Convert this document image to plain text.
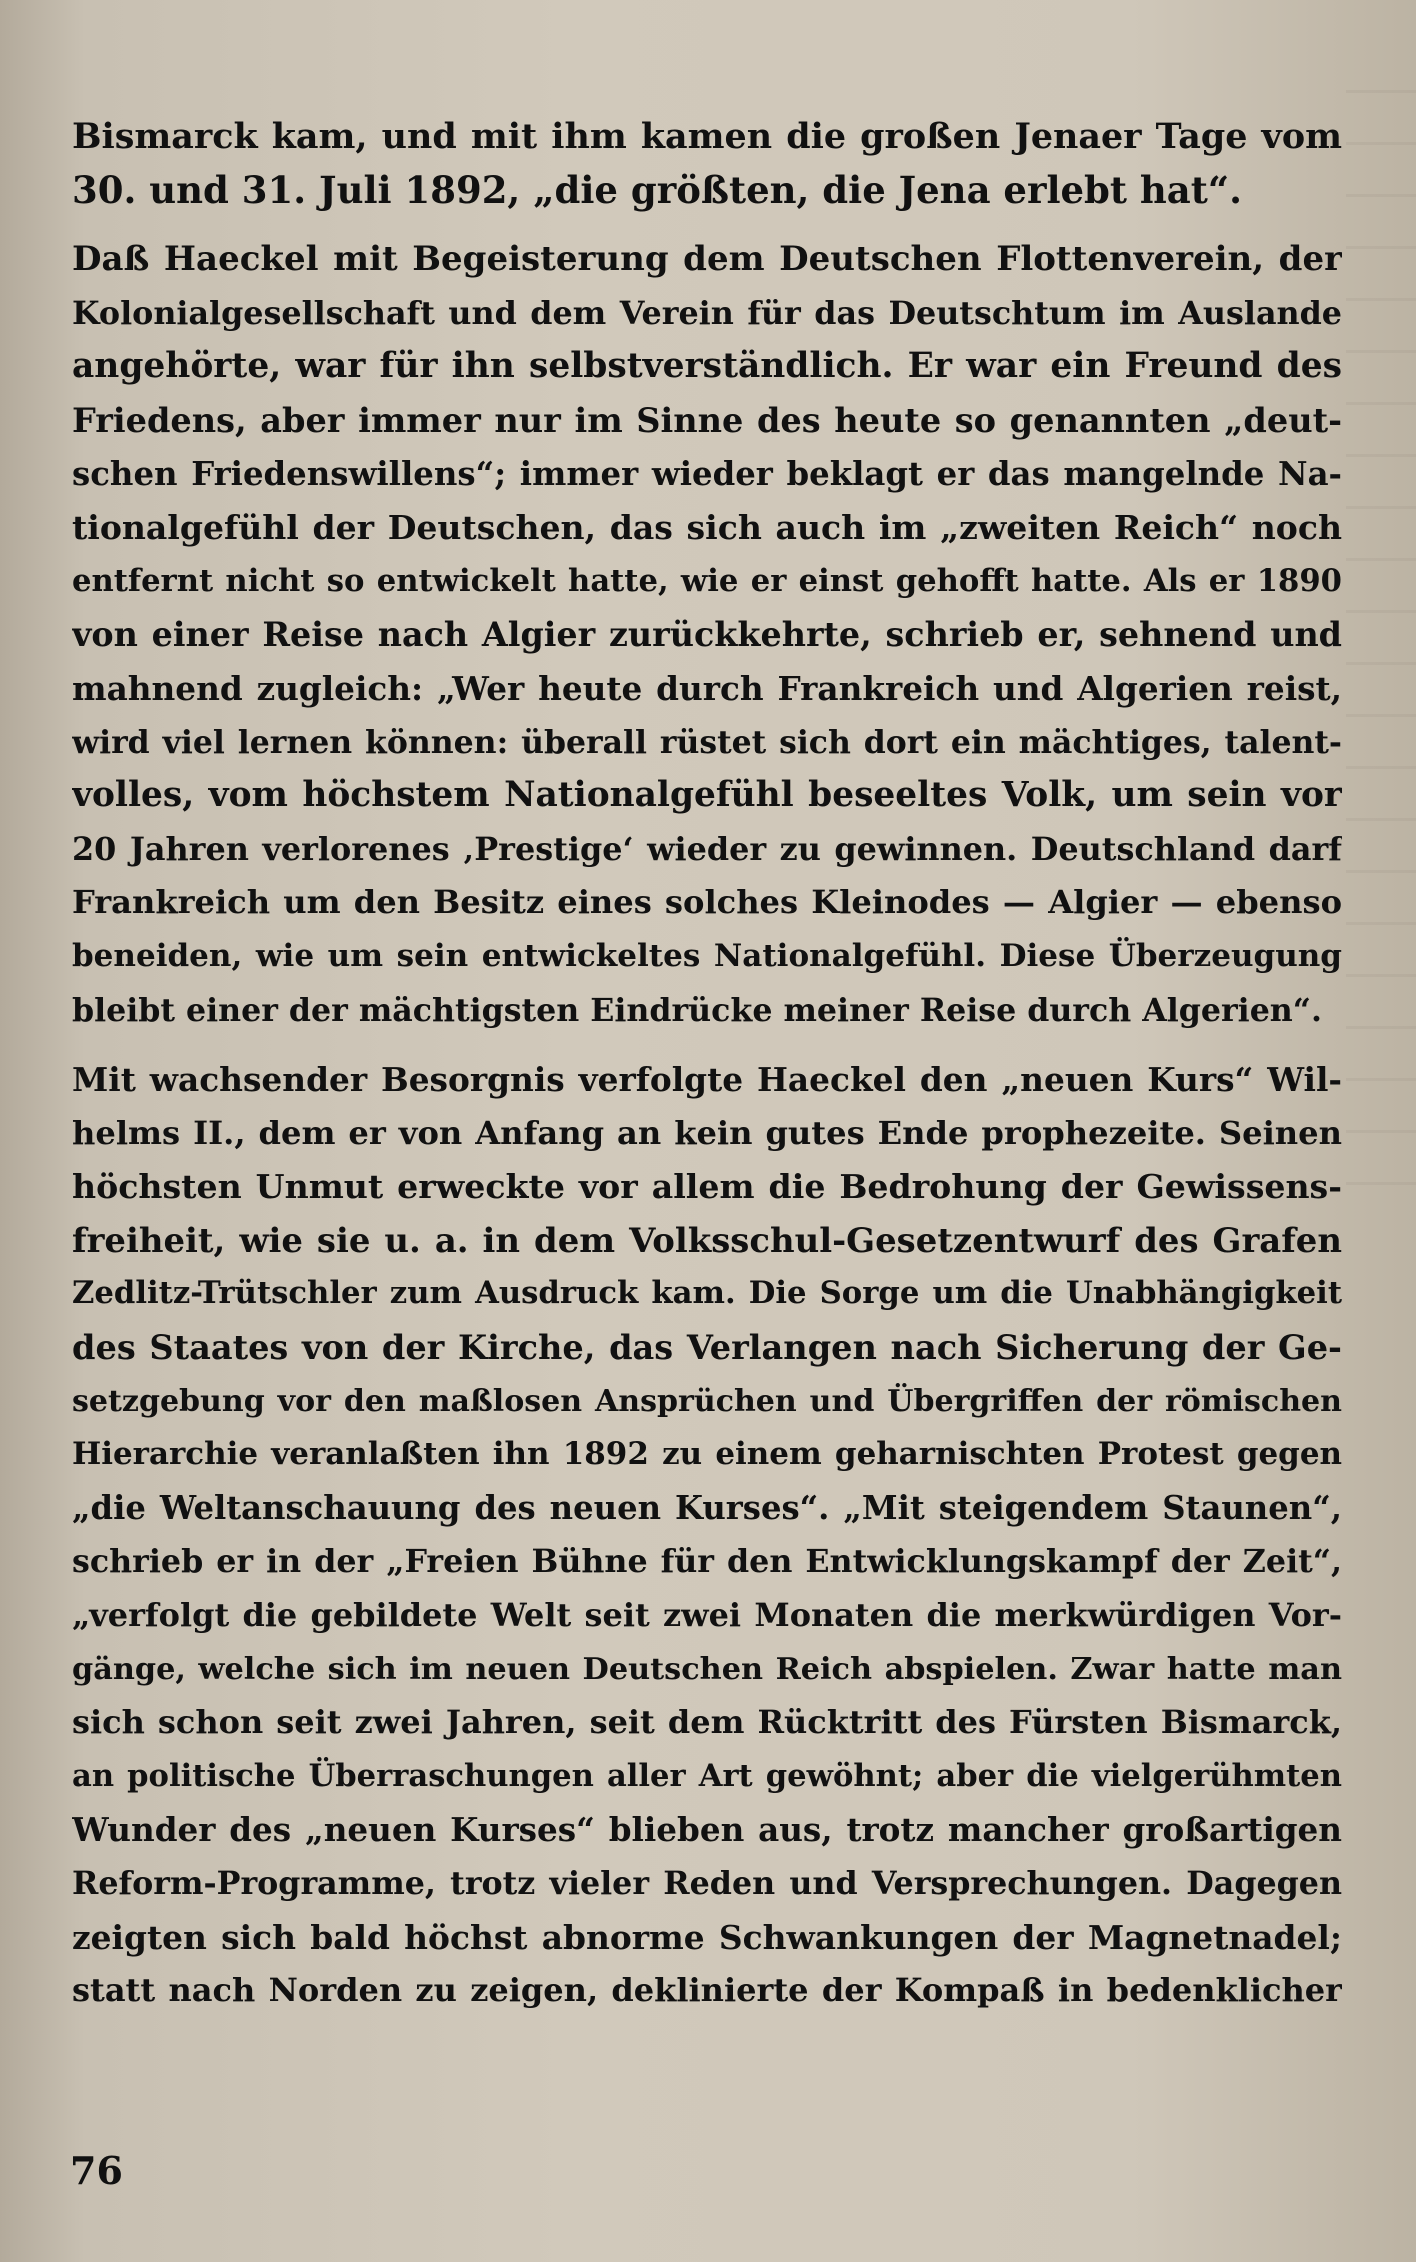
Bismarck kam, und mit ihm kamen die großen Jenaer Tage vom
30. und 31. Juli 1892, „die größten, die Jena erlebt hat“.
Daß Haeckel mit Begeisterung dem Deutschen Flottenverein, der
Kolonialgesellschaft und dem Verein für das Deutschtum im Auslande
angehörte, war für ihn selbstverständlich. Er war ein Freund des
Friedens, aber immer nur im Sinne des heute so genannten „deut-
schen Friedenswillens“; immer wieder beklagt er das mangelnde Na-
tionalgefühl der Deutschen, das sich auch im „zweiten Reich“ noch
entfernt nicht so entwickelt hatte, wie er einst gehofft hatte. Als er 1890
von einer Reise nach Algier zurückkehrte, schrieb er, sehnend und
mahnend zugleich: „Wer heute durch Frankreich und Algerien reist,
wird viel lernen können: überall rüstet sich dort ein mächtiges, talent-
volles, vom höchstem Nationalgefühl beseeltes Volk, um sein vor
20 Jahren verlorenes ‚Prestige‘ wieder zu gewinnen. Deutschland darf
Frankreich um den Besitz eines solches Kleinodes — Algier — ebenso
beneiden, wie um sein entwickeltes Nationalgefühl. Diese Überzeugung
bleibt einer der mächtigsten Eindrücke meiner Reise durch Algerien“.
Mit wachsender Besorgnis verfolgte Haeckel den „neuen Kurs“ Wil-
helms II., dem er von Anfang an kein gutes Ende prophezeite. Seinen
höchsten Unmut erweckte vor allem die Bedrohung der Gewissens-
freiheit, wie sie u. a. in dem Volksschul-Gesetzentwurf des Grafen
Zedlitz-Trütschler zum Ausdruck kam. Die Sorge um die Unabhängigkeit
des Staates von der Kirche, das Verlangen nach Sicherung der Ge-
setzgebung vor den maßlosen Ansprüchen und Übergriffen der römischen
Hierarchie veranlaßten ihn 1892 zu einem geharnischten Protest gegen
„die Weltanschauung des neuen Kurses“. „Mit steigendem Staunen“,
schrieb er in der „Freien Bühne für den Entwicklungskampf der Zeit“,
„verfolgt die gebildete Welt seit zwei Monaten die merkwürdigen Vor-
gänge, welche sich im neuen Deutschen Reich abspielen. Zwar hatte man
sich schon seit zwei Jahren, seit dem Rücktritt des Fürsten Bismarck,
an politische Überraschungen aller Art gewöhnt; aber die vielgerühmten
Wunder des „neuen Kurses“ blieben aus, trotz mancher großartigen
Reform-Programme, trotz vieler Reden und Versprechungen. Dagegen
zeigten sich bald höchst abnorme Schwankungen der Magnetnadel;
statt nach Norden zu zeigen, deklinierte der Kompaß in bedenklicher
76
